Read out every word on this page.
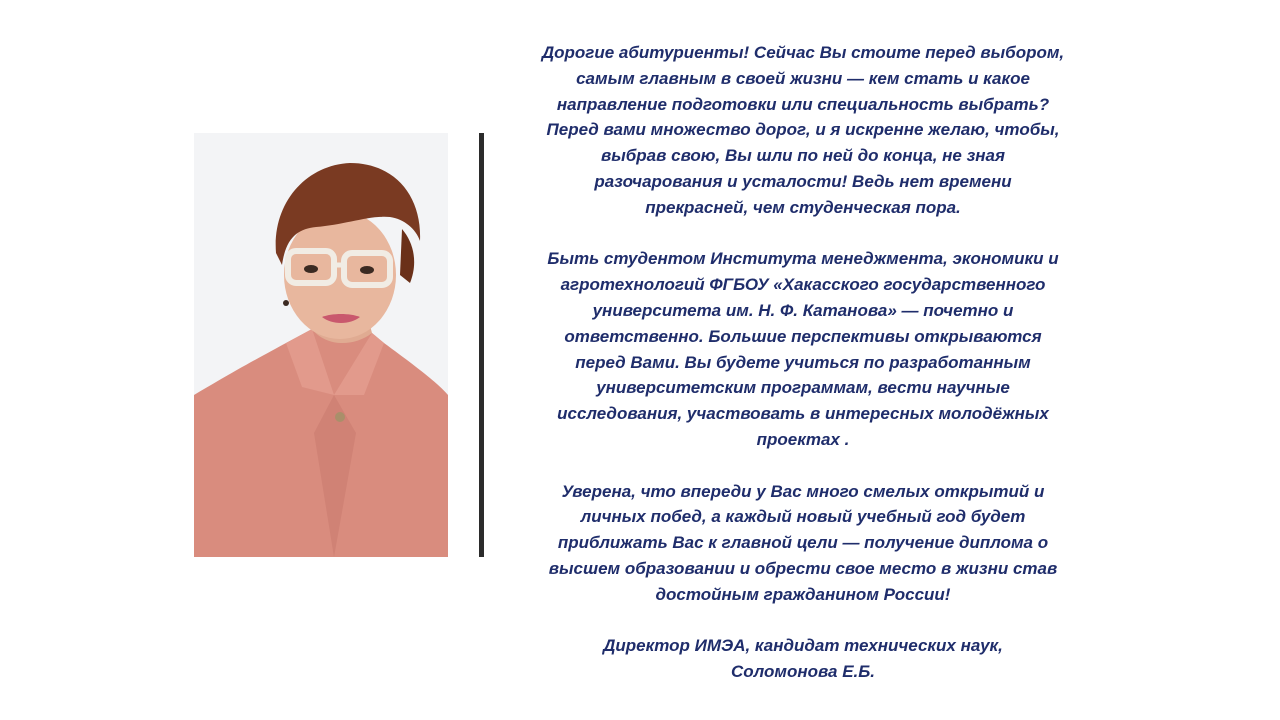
Дорогие абитуриенты! Сейчас Вы стоите перед выбором,
самым главным в своей жизни — кем стать и какое
направление подготовки или специальность выбрать?
Перед вами множество дорог, и я искренне желаю, чтобы,
выбрав свою, Вы шли по ней до конца, не зная
разочарования и усталости! Ведь нет времени
прекрасней, чем студенческая пора.

Быть студентом Института менеджмента, экономики и
агротехнологий ФГБОУ «Хакасского государственного
университета им. Н. Ф. Катанова» — почетно и
ответственно. Большие перспективы открываются
перед Вами. Вы будете учиться по разработанным
университетским программам, вести научные
исследования, участвовать в интересных молодёжных
проектах .

Уверена, что впереди у Вас много смелых открытий и
личных побед, а каждый новый учебный год будет
приближать Вас к главной цели — получение диплома о
высшем образовании и обрести свое место в жизни став
достойным гражданином России!

Директор ИМЭА, кандидат технических наук,
Соломонова Е.Б.
